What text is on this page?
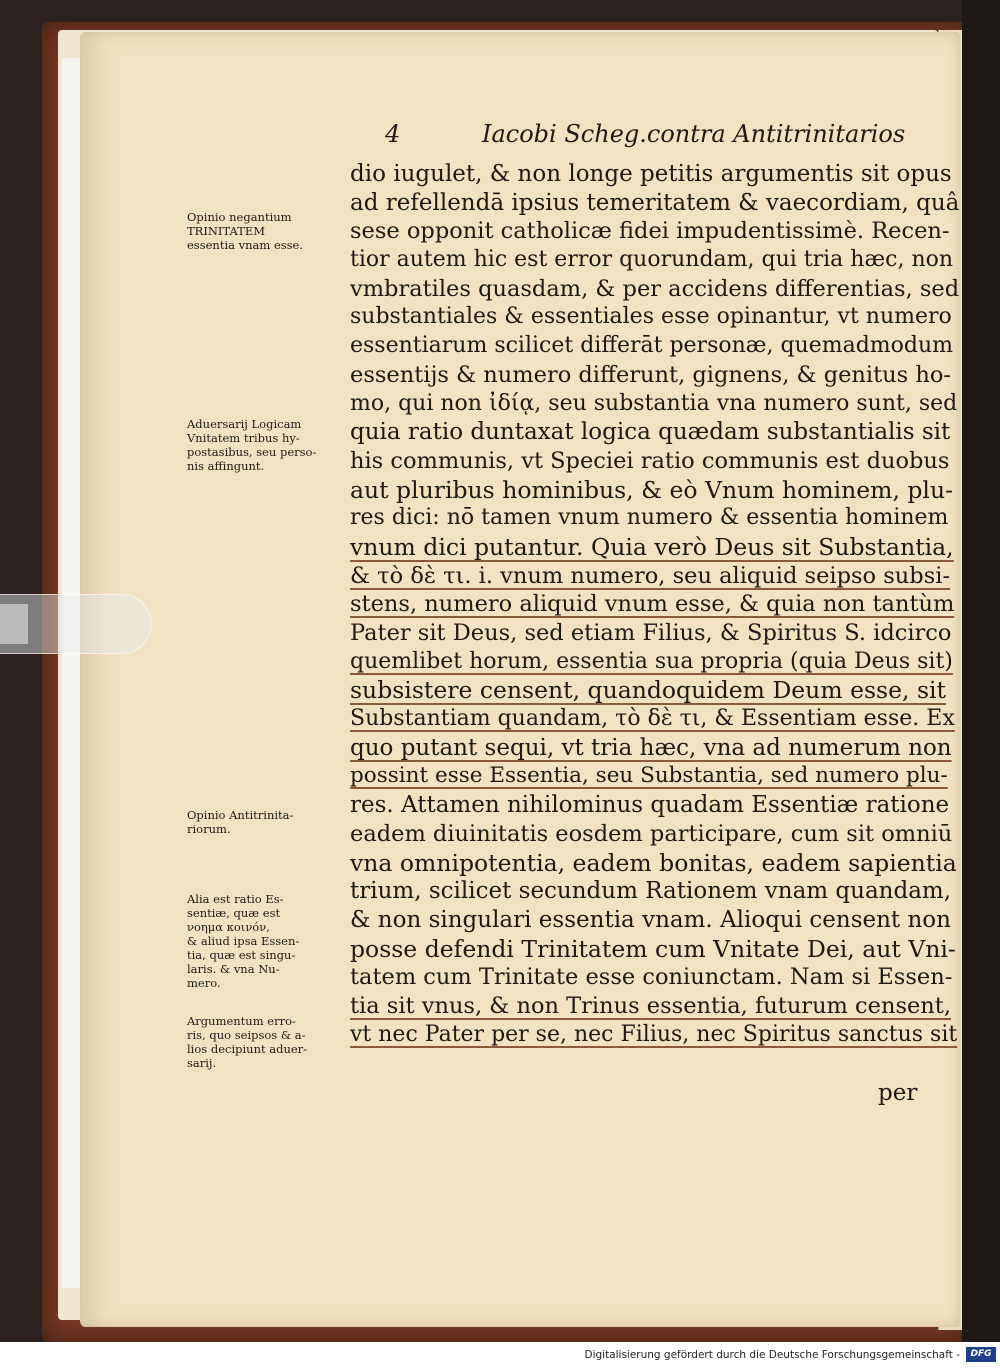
4	Iacobi Scheg.contra Antitrinitarios
dio iugulet, & non longe petitis argumentis sit opus
ad refellendā ipsius temeritatem & vaecordiam, quâ
sese opponit catholicæ fidei impudentissimè. Recen-
tior autem hic est error quorundam, qui tria hæc, non
vmbratiles quasdam, & per accidens differentias, sed
substantiales & essentiales esse opinantur, vt numero
essentiarum scilicet differāt personæ, quemadmodum
essentijs & numero differunt, gignens, & genitus ho-
mo, qui non ἰδίᾳ, seu substantia vna numero sunt, sed
quia ratio duntaxat logica quædam substantialis sit
his communis, vt Speciei ratio communis est duobus
aut pluribus hominibus, & eò Vnum hominem, plu-
res dici: nō tamen vnum numero & essentia hominem
vnum dici putantur. Quia verò Deus sit Substantia,
& τὸ δὲ τι. i. vnum numero, seu aliquid seipso subsi-
stens, numero aliquid vnum esse, & quia non tantùm
Pater sit Deus, sed etiam Filius, & Spiritus S. idcirco
quemlibet horum, essentia sua propria (quia Deus sit)
subsistere censent, quandoquidem Deum esse, sit
Substantiam quandam, τὸ δὲ τι, & Essentiam esse. Ex
quo putant sequi, vt tria hæc, vna ad numerum non
possint esse Essentia, seu Substantia, sed numero plu-
res. Attamen nihilominus quadam Essentiæ ratione
eadem diuinitatis eosdem participare, cum sit omniū
vna omnipotentia, eadem bonitas, eadem sapientia
trium, scilicet secundum Rationem vnam quandam,
& non singulari essentia vnam. Alioqui censent non
posse defendi Trinitatem cum Vnitate Dei, aut Vni-
tatem cum Trinitate esse coniunctam. Nam si Essen-
tia sit vnus, & non Trinus essentia, futurum censent,
vt nec Pater per se, nec Filius, nec Spiritus sanctus sit
Opinio negantium
TRINITATEM
essentia vnam esse.
Aduersarij Logicam
Vnitatem tribus hy-
postasibus, seu perso-
nis affingunt.
Opinio Antitrinita-
riorum.
Alia est ratio Es-
sentiæ, quæ est
νοημα κοινόν,
& aliud ipsa Essen-
tia, quæ est singu-
laris. & vna Nu-
mero.
Argumentum erro-
ris, quo seipsos & a-
lios decipiunt aduer-
sarij.
per
Digitalisierung gefördert durch die Deutsche Forschungsgemeinschaft -	DFG
